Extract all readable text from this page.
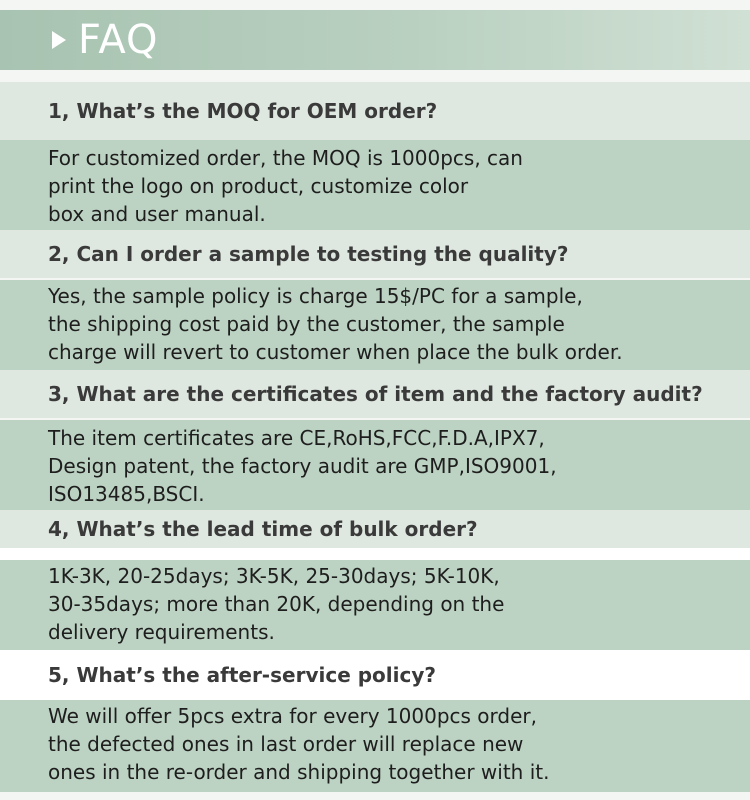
FAQ
1, What’s the MOQ for OEM order?
For customized order, the MOQ is 1000pcs, can
print the logo on product, customize color
box and user manual.
2, Can I order a sample to testing the quality?
Yes, the sample policy is charge 15$/PC for a sample,
the shipping cost paid by the customer, the sample
charge will revert to customer when place the bulk order.
3, What are the certificates of item and the factory audit?
The item certificates are CE,RoHS,FCC,F.D.A,IPX7,
Design patent, the factory audit are GMP,ISO9001,
ISO13485,BSCI.
4, What’s the lead time of bulk order?
1K-3K, 20-25days; 3K-5K, 25-30days; 5K-10K,
30-35days; more than 20K, depending on the
delivery requirements.
5, What’s the after-service policy?
We will offer 5pcs extra for every 1000pcs order,
the defected ones in last order will replace new
ones in the re-order and shipping together with it.
